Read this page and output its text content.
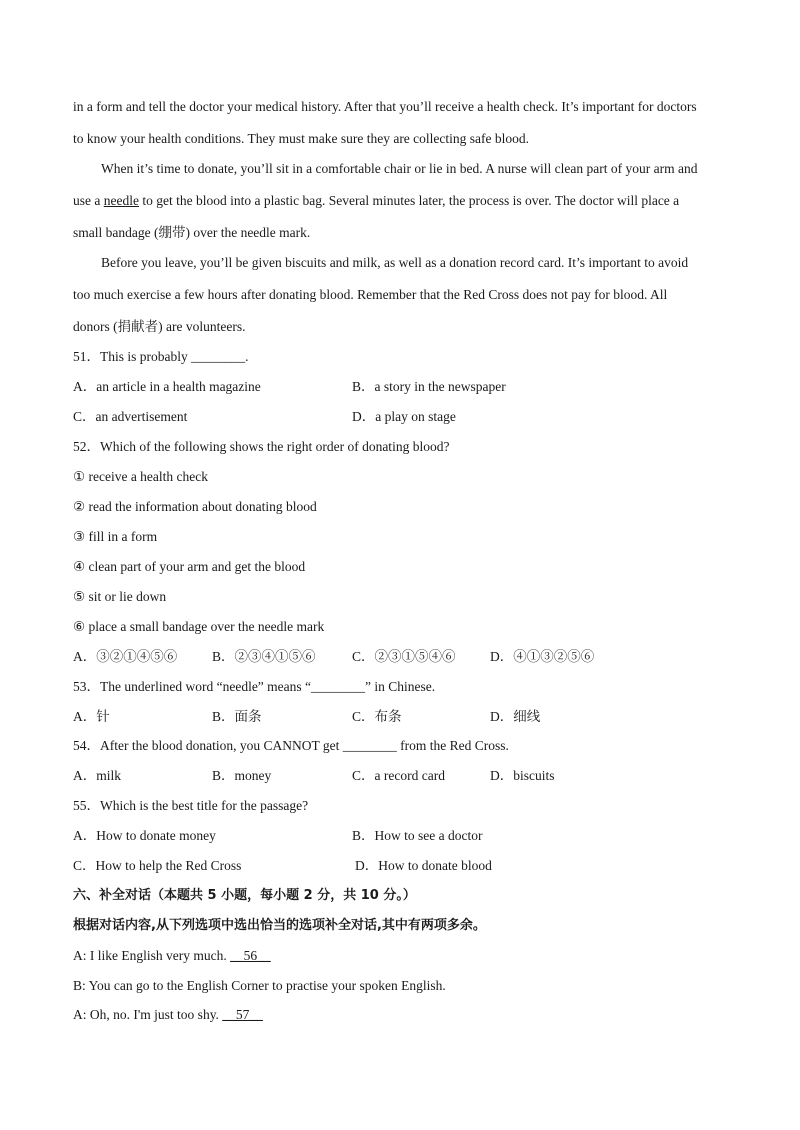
in a form and tell the doctor your medical history. After that you’ll receive a health check. It’s important for doctors
to know your health conditions. They must make sure they are collecting safe blood.
When it’s time to donate, you’ll sit in a comfortable chair or lie in bed. A nurse will clean part of your arm and
use a needle to get the blood into a plastic bag. Several minutes later, the process is over. The doctor will place a
small bandage (绷带) over the needle mark.
Before you leave, you’ll be given biscuits and milk, as well as a donation record card. It’s important to avoid
too much exercise a few hours after donating blood. Remember that the Red Cross does not pay for blood. All
donors (捐献者) are volunteers.
51．This is probably ________.
A．an article in a health magazine	B．a story in the newspaper
C．an advertisement	D．a play on stage
52．Which of the following shows the right order of donating blood?
① receive a health check
② read the information about donating blood
③ fill in a form
④ clean part of your arm and get the blood
⑤ sit or lie down
⑥ place a small bandage over the needle mark
A．③②①④⑤⑥	B．②③④①⑤⑥	C．②③①⑤④⑥	D．④①③②⑤⑥
53．The underlined word “needle” means “________” in Chinese.
A．针	B．面条	C．布条	D．细线
54．After the blood donation, you CANNOT get ________ from the Red Cross.
A．milk	B．money	C．a record card	D．biscuits
55．Which is the best title for the passage?
A．How to donate money	B．How to see a doctor
C．How to help the Red Cross	D．How to donate blood
六、补全对话（本题共 5 小题，每小题 2 分，共 10 分。）
根据对话内容,从下列选项中选出恰当的选项补全对话,其中有两项多余。
A: I like English very much. __56__
B: You can go to the English Corner to practise your spoken English.
A: Oh, no. I'm just too shy. __57__
